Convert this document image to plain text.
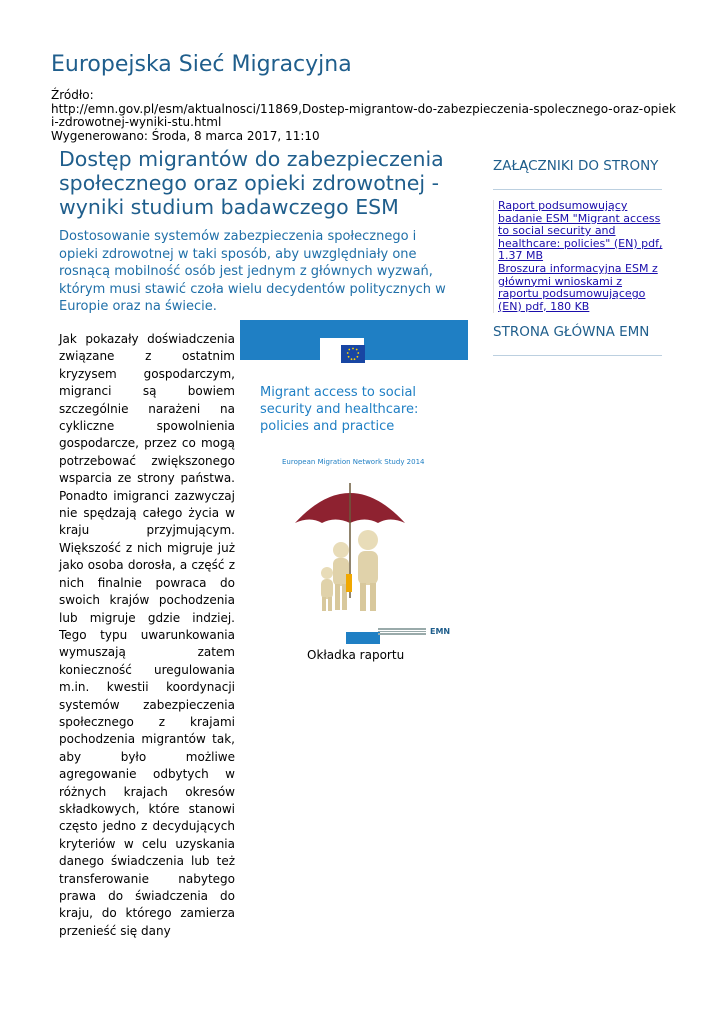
Europejska Sieć Migracyjna
Źródło:
http://emn.gov.pl/esm/aktualnosci/11869,Dostep-migrantow-do-zabezpieczenia-spolecznego-oraz-opieki-zdrowotnej-wyniki-stu.html
Wygenerowano: Środa, 8 marca 2017, 11:10
Dostęp migrantów do zabezpieczenia społecznego oraz opieki zdrowotnej - wyniki studium badawczego ESM
Dostosowanie systemów zabezpieczenia społecznego i opieki zdrowotnej w taki sposób, aby uwzględniały one rosnącą mobilność osób jest jednym z głównych wyzwań, którym musi stawić czoła wielu decydentów politycznych w Europie oraz na świecie.

Jak pokazały doświadczenia związane z ostatnim kryzysem gospodarczym, migranci są bowiem szczególnie narażeni na cykliczne spowolnienia gospodarcze, przez co mogą potrzebować zwiększonego wsparcia ze strony państwa. Ponadto imigranci zazwyczaj nie spędzają całego życia w kraju przyjmującym. Większość z nich migruje już jako osoba dorosła, a część z nich finalnie powraca do swoich krajów pochodzenia lub migruje gdzie indziej. Tego typu uwarunkowania wymuszają zatem konieczność uregulowania m.in. kwestii koordynacji systemów zabezpieczenia społecznego z krajami pochodzenia migrantów tak, aby było możliwe agregowanie odbytych w różnych krajach okresów składkowych, które stanowi często jedno z decydujących kryteriów w celu uzyskania danego świadczenia lub też transferowanie nabytego prawa do świadczenia do kraju, do którego zamierza przenieść się dany

Migrant access to social security and healthcare: policies and practice
European Migration Network Study 2014
EMN
Okładka raportu
ZAŁĄCZNIKI DO STRONY
Raport podsumowujący badanie ESM "Migrant access to social security and healthcare: policies" (EN) pdf, 1.37 MB
Broszura informacyjna ESM z głównymi wnioskami z raportu podsumowującego (EN) pdf, 180 KB
STRONA GŁÓWNA EMN
